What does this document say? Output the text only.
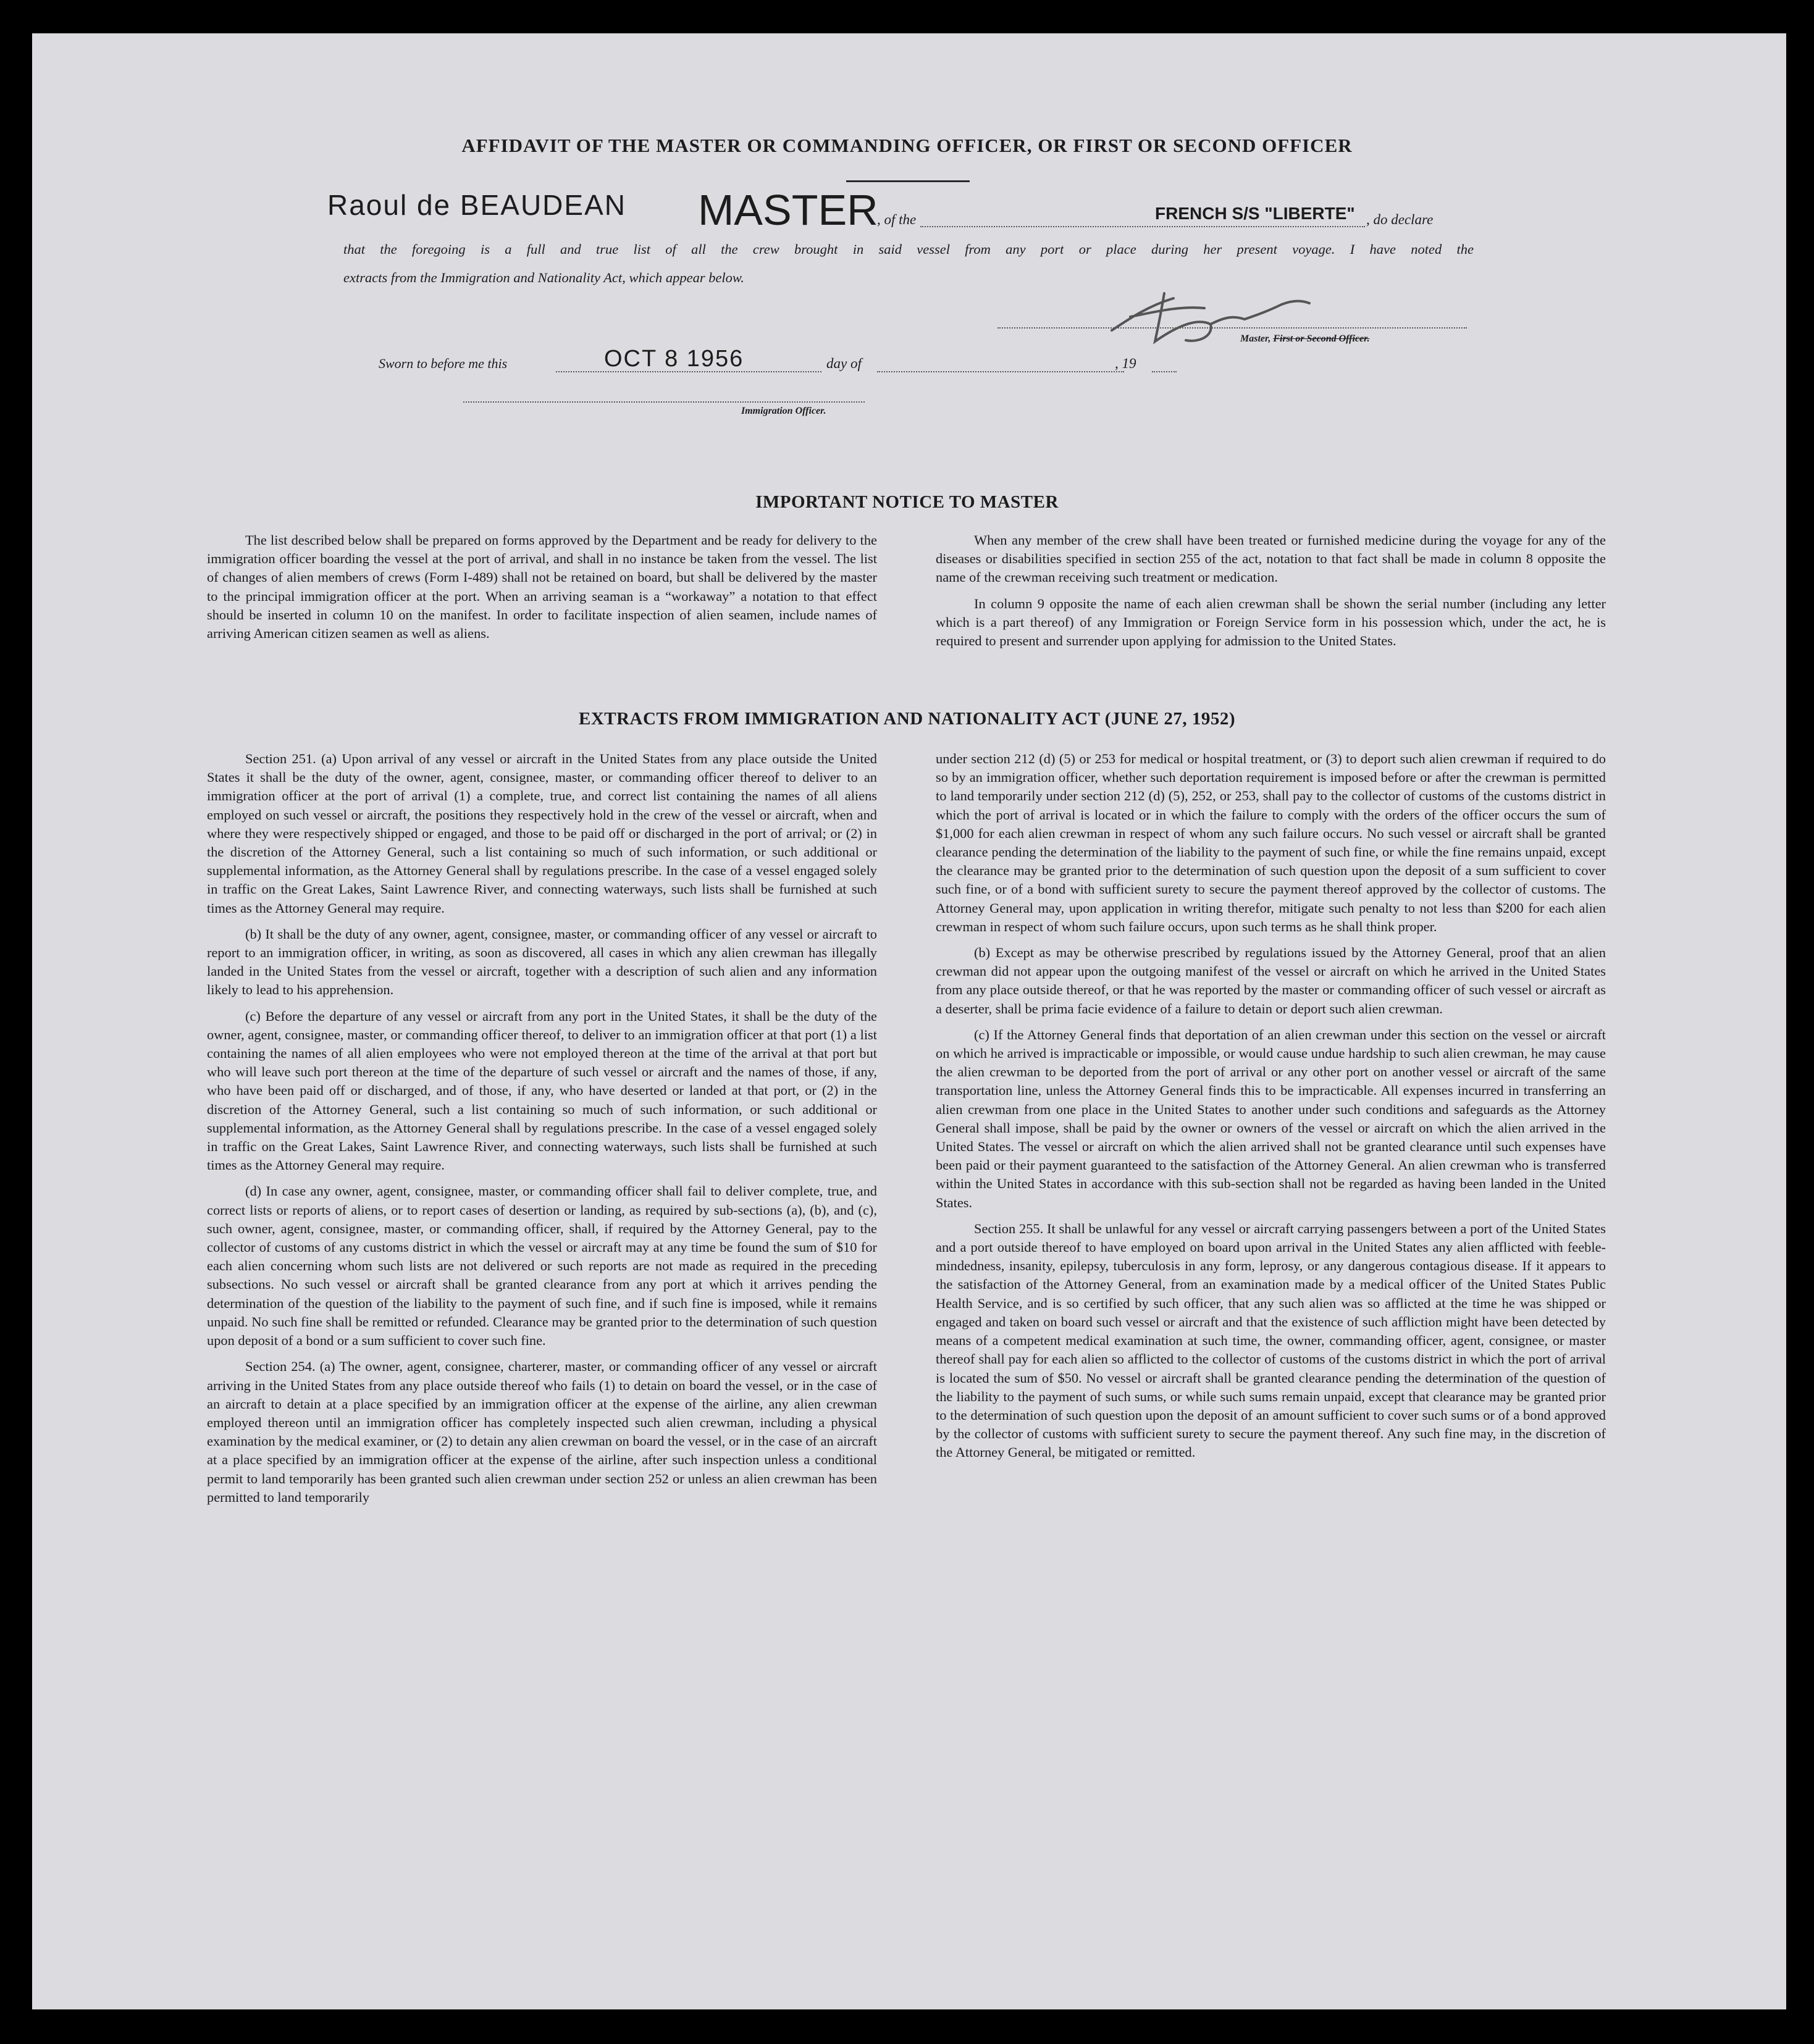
AFFIDAVIT OF THE MASTER OR COMMANDING OFFICER, OR FIRST OR SECOND OFFICER
Raoul de BEAUDEAN MASTER
, of the	FRENCH S/S "LIBERTE" , do declare
that the foregoing is a full and true list of all the crew brought in said vessel from any port or place during her present voyage. I have noted the
extracts from the Immigration and Nationality Act, which appear below.
Master, First or Second Officer.
Sworn to before me this	OCT 8 1956	day of	, 19
Immigration Officer.
IMPORTANT NOTICE TO MASTER

The list described below shall be prepared on forms approved by the Department and be ready for delivery to the immigration officer boarding the vessel at the port of arrival, and shall in no instance be taken from the vessel. The list of changes of alien members of crews (Form I-489) shall not be retained on board, but shall be delivered by the master to the principal immigration officer at the port. When an arriving seaman is a “workaway” a notation to that effect should be inserted in column 10 on the manifest. In order to facilitate inspection of alien seamen, include names of arriving American citizen seamen as well as aliens.

When any member of the crew shall have been treated or furnished medicine during the voyage for any of the diseases or disabilities specified in section 255 of the act, notation to that fact shall be made in column 8 opposite the name of the crewman receiving such treatment or medication.

In column 9 opposite the name of each alien crewman shall be shown the serial number (including any letter which is a part thereof) of any Immigration or Foreign Service form in his possession which, under the act, he is required to present and surrender upon applying for admission to the United States.

EXTRACTS FROM IMMIGRATION AND NATIONALITY ACT (JUNE 27, 1952)

Section 251. (a) Upon arrival of any vessel or aircraft in the United States from any place outside the United States it shall be the duty of the owner, agent, consignee, master, or commanding officer thereof to deliver to an immigration officer at the port of arrival (1) a complete, true, and correct list containing the names of all aliens employed on such vessel or aircraft, the positions they respectively hold in the crew of the vessel or aircraft, when and where they were respectively shipped or engaged, and those to be paid off or discharged in the port of arrival; or (2) in the discretion of the Attorney General, such a list containing so much of such information, or such additional or supplemental information, as the Attorney General shall by regulations prescribe. In the case of a vessel engaged solely in traffic on the Great Lakes, Saint Lawrence River, and connecting waterways, such lists shall be furnished at such times as the Attorney General may require.

(b) It shall be the duty of any owner, agent, consignee, master, or commanding officer of any vessel or aircraft to report to an immigration officer, in writing, as soon as discovered, all cases in which any alien crewman has illegally landed in the United States from the vessel or aircraft, together with a description of such alien and any information likely to lead to his apprehension.

(c) Before the departure of any vessel or aircraft from any port in the United States, it shall be the duty of the owner, agent, consignee, master, or commanding officer thereof, to deliver to an immigration officer at that port (1) a list containing the names of all alien employees who were not employed thereon at the time of the arrival at that port but who will leave such port thereon at the time of the departure of such vessel or aircraft and the names of those, if any, who have been paid off or discharged, and of those, if any, who have deserted or landed at that port, or (2) in the discretion of the Attorney General, such a list containing so much of such information, or such additional or supplemental information, as the Attorney General shall by regulations prescribe. In the case of a vessel engaged solely in traffic on the Great Lakes, Saint Lawrence River, and connecting waterways, such lists shall be furnished at such times as the Attorney General may require.

(d) In case any owner, agent, consignee, master, or commanding officer shall fail to deliver complete, true, and correct lists or reports of aliens, or to report cases of desertion or landing, as required by sub-sections (a), (b), and (c), such owner, agent, consignee, master, or commanding officer, shall, if required by the Attorney General, pay to the collector of customs of any customs district in which the vessel or aircraft may at any time be found the sum of $10 for each alien concerning whom such lists are not delivered or such reports are not made as required in the preceding subsections. No such vessel or aircraft shall be granted clearance from any port at which it arrives pending the determination of the question of the liability to the payment of such fine, and if such fine is imposed, while it remains unpaid. No such fine shall be remitted or refunded. Clearance may be granted prior to the determination of such question upon deposit of a bond or a sum sufficient to cover such fine.

Section 254. (a) The owner, agent, consignee, charterer, master, or commanding officer of any vessel or aircraft arriving in the United States from any place outside thereof who fails (1) to detain on board the vessel, or in the case of an aircraft to detain at a place specified by an immigration officer at the expense of the airline, any alien crewman employed thereon until an immigration officer has completely inspected such alien crewman, including a physical examination by the medical examiner, or (2) to detain any alien crewman on board the vessel, or in the case of an aircraft at a place specified by an immigration officer at the expense of the airline, after such inspection unless a conditional permit to land temporarily has been granted such alien crewman under section 252 or unless an alien crewman has been permitted to land temporarily

under section 212 (d) (5) or 253 for medical or hospital treatment, or (3) to deport such alien crewman if required to do so by an immigration officer, whether such deportation requirement is imposed before or after the crewman is permitted to land temporarily under section 212 (d) (5), 252, or 253, shall pay to the collector of customs of the customs district in which the port of arrival is located or in which the failure to comply with the orders of the officer occurs the sum of $1,000 for each alien crewman in respect of whom any such failure occurs. No such vessel or aircraft shall be granted clearance pending the determination of the liability to the payment of such fine, or while the fine remains unpaid, except the clearance may be granted prior to the determination of such question upon the deposit of a sum sufficient to cover such fine, or of a bond with sufficient surety to secure the payment thereof approved by the collector of customs. The Attorney General may, upon application in writing therefor, mitigate such penalty to not less than $200 for each alien crewman in respect of whom such failure occurs, upon such terms as he shall think proper.

(b) Except as may be otherwise prescribed by regulations issued by the Attorney General, proof that an alien crewman did not appear upon the outgoing manifest of the vessel or aircraft on which he arrived in the United States from any place outside thereof, or that he was reported by the master or commanding officer of such vessel or aircraft as a deserter, shall be prima facie evidence of a failure to detain or deport such alien crewman.

(c) If the Attorney General finds that deportation of an alien crewman under this section on the vessel or aircraft on which he arrived is impracticable or impossible, or would cause undue hardship to such alien crewman, he may cause the alien crewman to be deported from the port of arrival or any other port on another vessel or aircraft of the same transportation line, unless the Attorney General finds this to be impracticable. All expenses incurred in transferring an alien crewman from one place in the United States to another under such conditions and safeguards as the Attorney General shall impose, shall be paid by the owner or owners of the vessel or aircraft on which the alien arrived in the United States. The vessel or aircraft on which the alien arrived shall not be granted clearance until such expenses have been paid or their payment guaranteed to the satisfaction of the Attorney General. An alien crewman who is transferred within the United States in accordance with this sub-section shall not be regarded as having been landed in the United States.

Section 255. It shall be unlawful for any vessel or aircraft carrying passengers between a port of the United States and a port outside thereof to have employed on board upon arrival in the United States any alien afflicted with feeble-mindedness, insanity, epilepsy, tuberculosis in any form, leprosy, or any dangerous contagious disease. If it appears to the satisfaction of the Attorney General, from an examination made by a medical officer of the United States Public Health Service, and is so certified by such officer, that any such alien was so afflicted at the time he was shipped or engaged and taken on board such vessel or aircraft and that the existence of such affliction might have been detected by means of a competent medical examination at such time, the owner, commanding officer, agent, consignee, or master thereof shall pay for each alien so afflicted to the collector of customs of the customs district in which the port of arrival is located the sum of $50. No vessel or aircraft shall be granted clearance pending the determination of the question of the liability to the payment of such sums, or while such sums remain unpaid, except that clearance may be granted prior to the determination of such question upon the deposit of an amount sufficient to cover such sums or of a bond approved by the collector of customs with sufficient surety to secure the payment thereof. Any such fine may, in the discretion of the Attorney General, be mitigated or remitted.
